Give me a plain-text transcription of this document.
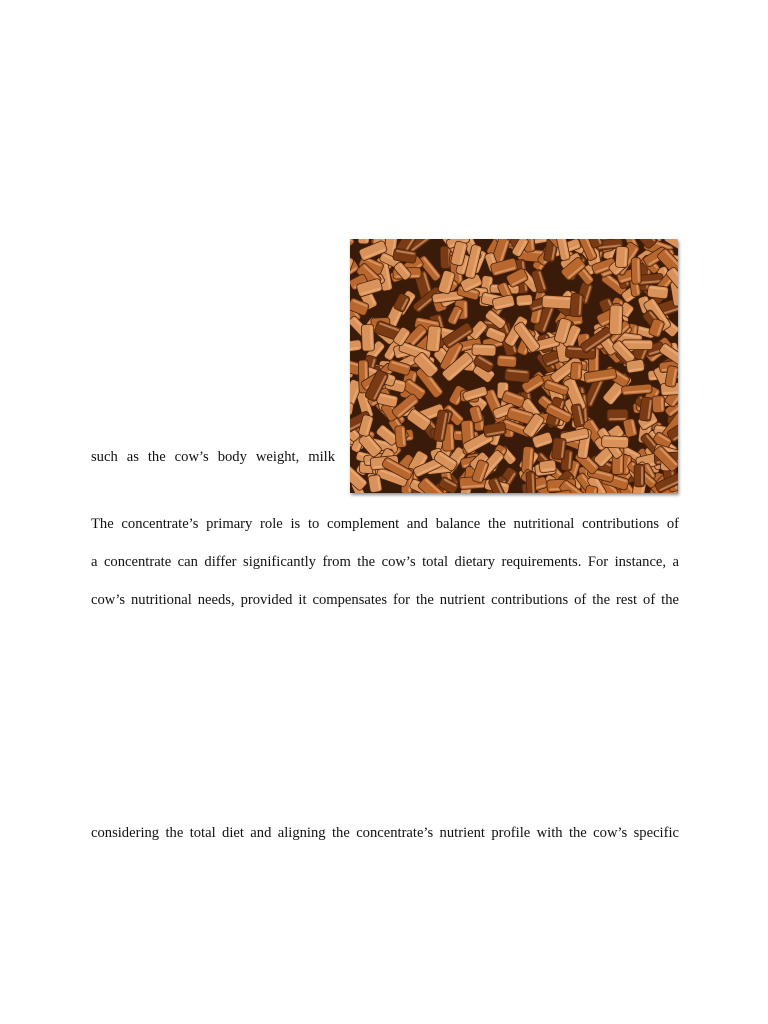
such as the cow’s body weight, milk
The concentrate’s primary role is to complement and balance the nutritional contributions of
a concentrate can differ significantly from the cow’s total dietary requirements. For instance, a
cow’s nutritional needs, provided it compensates for the nutrient contributions of the rest of the
considering the total diet and aligning the concentrate’s nutrient profile with the cow’s specific
